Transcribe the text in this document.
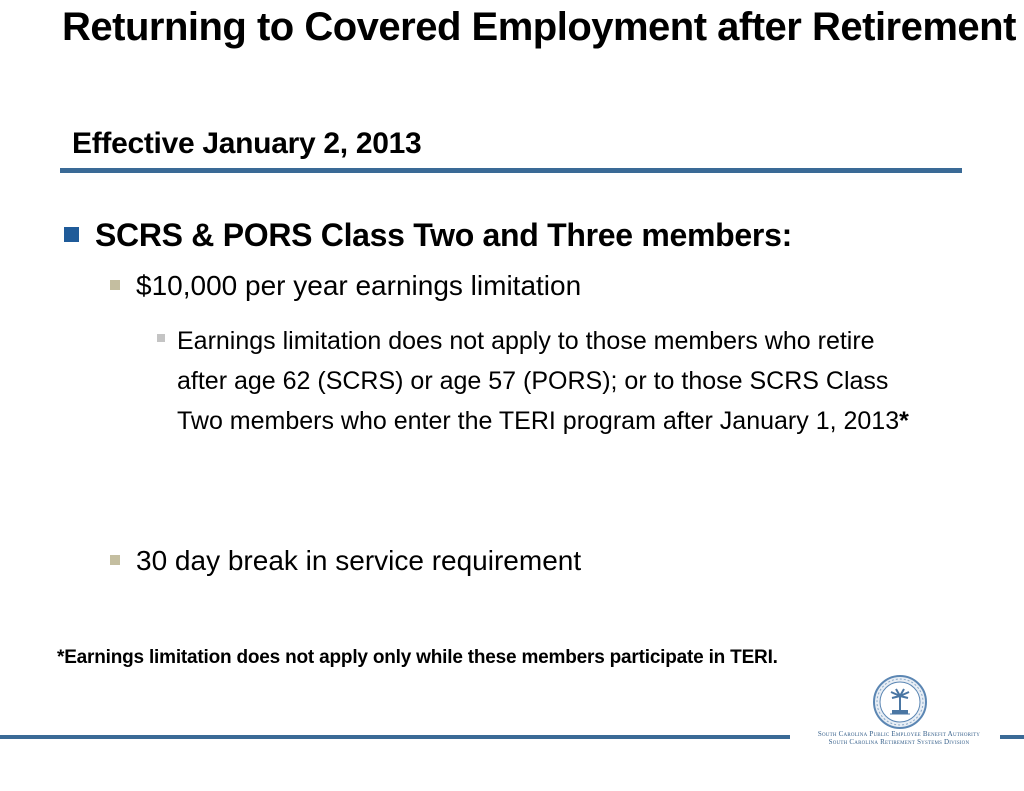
Returning to Covered Employment after Retirement
Effective January 2, 2013
SCRS & PORS Class Two and Three members:
$10,000 per year earnings limitation
Earnings limitation does not apply to those members who retire after age 62 (SCRS) or age 57 (PORS); or to those SCRS Class Two members who enter the TERI program after January 1, 2013*
30 day break in service requirement
*Earnings limitation does not apply only while these members participate in TERI.
South Carolina Public Employee Benefit Authority
South Carolina Retirement Systems Division
